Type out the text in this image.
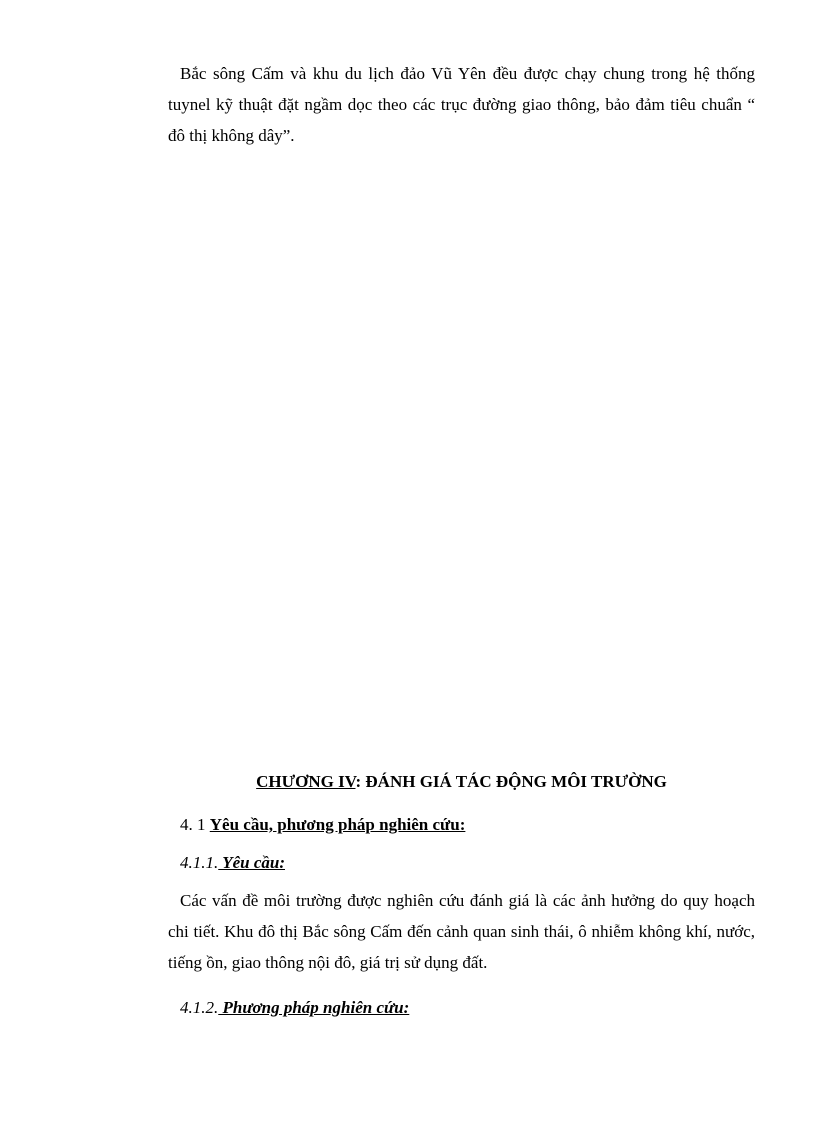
Bắc sông Cấm và khu du lịch đảo Vũ Yên đều được chạy chung trong hệ thống tuynel kỹ thuật đặt ngầm dọc theo các trục đường giao thông, bảo đảm tiêu chuẩn “ đô thị không dây”.

CHƯƠNG IV: ĐÁNH GIÁ TÁC ĐỘNG MÔI TRƯỜNG
4. 1 Yêu cầu, phương pháp nghiên cứu:
4.1.1. Yêu cầu:

Các vấn đề môi trường được nghiên cứu đánh giá là các ảnh hưởng do quy hoạch chi tiết. Khu đô thị Bắc sông Cấm đến cảnh quan sinh thái, ô nhiễm không khí, nước, tiếng ồn, giao thông nội đô, giá trị sử dụng đất.

4.1.2. Phương pháp nghiên cứu:
